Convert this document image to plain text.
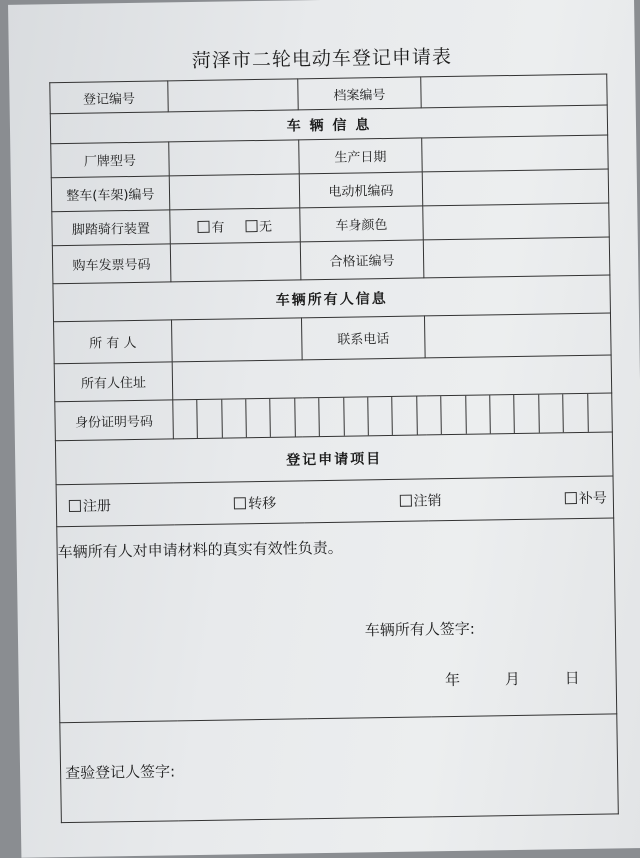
菏泽市二轮电动车登记申请表
登记编号		档案编号	
车 辆 信 息			
厂牌型号		生产日期	
整车(车架)编号		电动机编码	
脚踏骑行装置	有 无	车身颜色	
购车发票号码		合格证编号	
车辆所有人信息			
所 有 人		联系电话	
所有人住址			
身份证明号码			

登记申请项目			

注册 转移 注销 补号			

车辆所有人对申请材料的真实有效性负责。
车辆所有人签字:
年 月 日			

查验登记人签字:			
